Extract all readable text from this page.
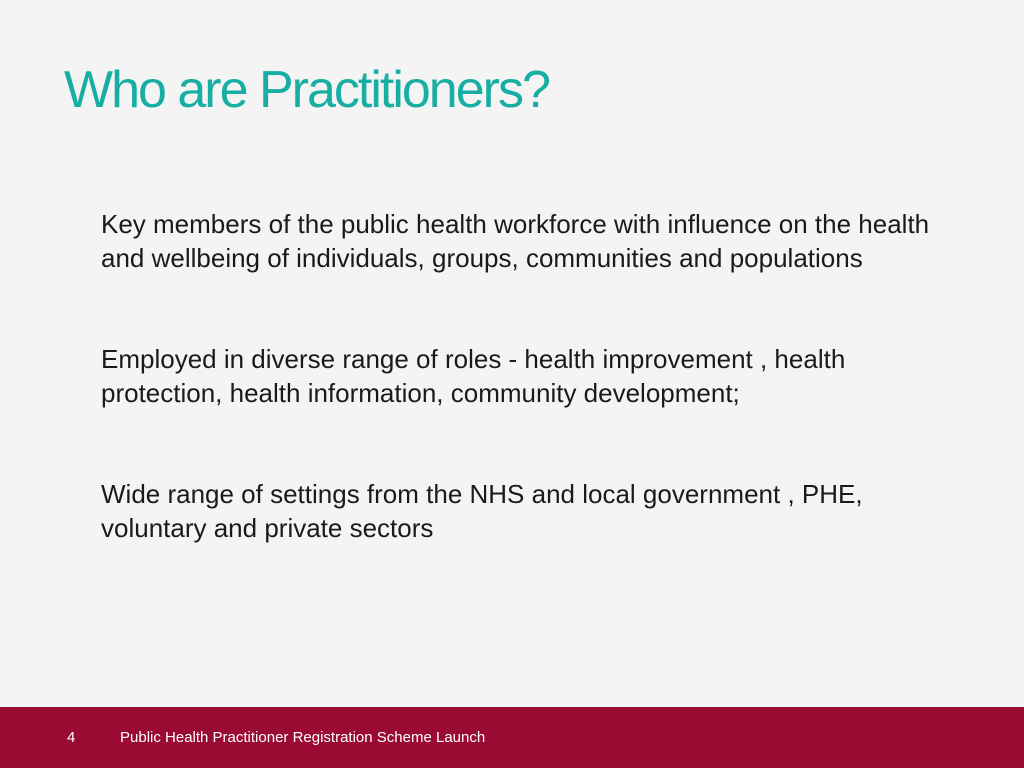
Who are Practitioners?

Key members of the public health workforce with influence on the health and wellbeing of individuals, groups, communities and populations

Employed in diverse range of roles - health improvement , health protection, health information, community development;

Wide range of settings from the NHS and local government , PHE, voluntary and private sectors

4	Public Health Practitioner Registration Scheme Launch
